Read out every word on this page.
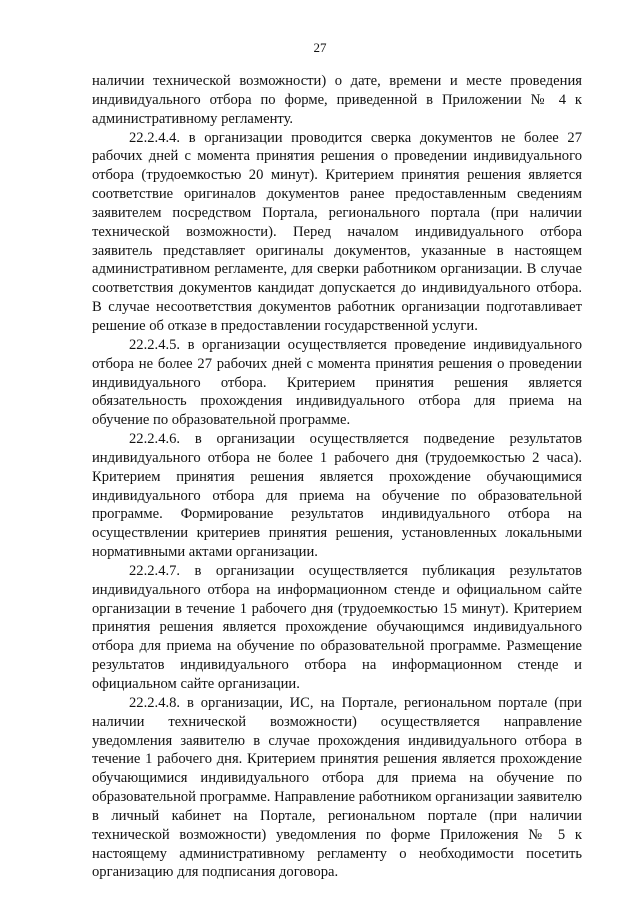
27

наличии технической возможности) о дате, времени и месте проведения индивидуального отбора по форме, приведенной в Приложении № 4 к административному регламенту.

22.2.4.4. в организации проводится сверка документов не более 27 рабочих дней с момента принятия решения о проведении индивидуального отбора (трудоемкостью 20 минут). Критерием принятия решения является соответствие оригиналов документов ранее предоставленным сведениям заявителем посредством Портала, регионального портала (при наличии технической возможности). Перед началом индивидуального отбора заявитель представляет оригиналы документов, указанные в настоящем административном регламенте, для сверки работником организации. В случае соответствия документов кандидат допускается до индивидуального отбора. В случае несоответствия документов работник организации подготавливает решение об отказе в предоставлении государственной услуги.

22.2.4.5. в организации осуществляется проведение индивидуального отбора не более 27 рабочих дней с момента принятия решения о проведении индивидуального отбора. Критерием принятия решения является обязательность прохождения индивидуального отбора для приема на обучение по образовательной программе.

22.2.4.6. в организации осуществляется подведение результатов индивидуального отбора не более 1 рабочего дня (трудоемкостью 2 часа). Критерием принятия решения является прохождение обучающимися индивидуального отбора для приема на обучение по образовательной программе. Формирование результатов индивидуального отбора на осуществлении критериев принятия решения, установленных локальными нормативными актами организации.

22.2.4.7. в организации осуществляется публикация результатов индивидуального отбора на информационном стенде и официальном сайте организации в течение 1 рабочего дня (трудоемкостью 15 минут). Критерием принятия решения является прохождение обучающимся индивидуального отбора для приема на обучение по образовательной программе. Размещение результатов индивидуального отбора на информационном стенде и официальном сайте организации.

22.2.4.8. в организации, ИС, на Портале, региональном портале (при наличии технической возможности) осуществляется направление уведомления заявителю в случае прохождения индивидуального отбора в течение 1 рабочего дня. Критерием принятия решения является прохождение обучающимися индивидуального отбора для приема на обучение по образовательной программе. Направление работником организации заявителю в личный кабинет на Портале, региональном портале (при наличии технической возможности) уведомления по форме Приложения № 5 к настоящему административному регламенту о необходимости посетить организацию для подписания договора.
